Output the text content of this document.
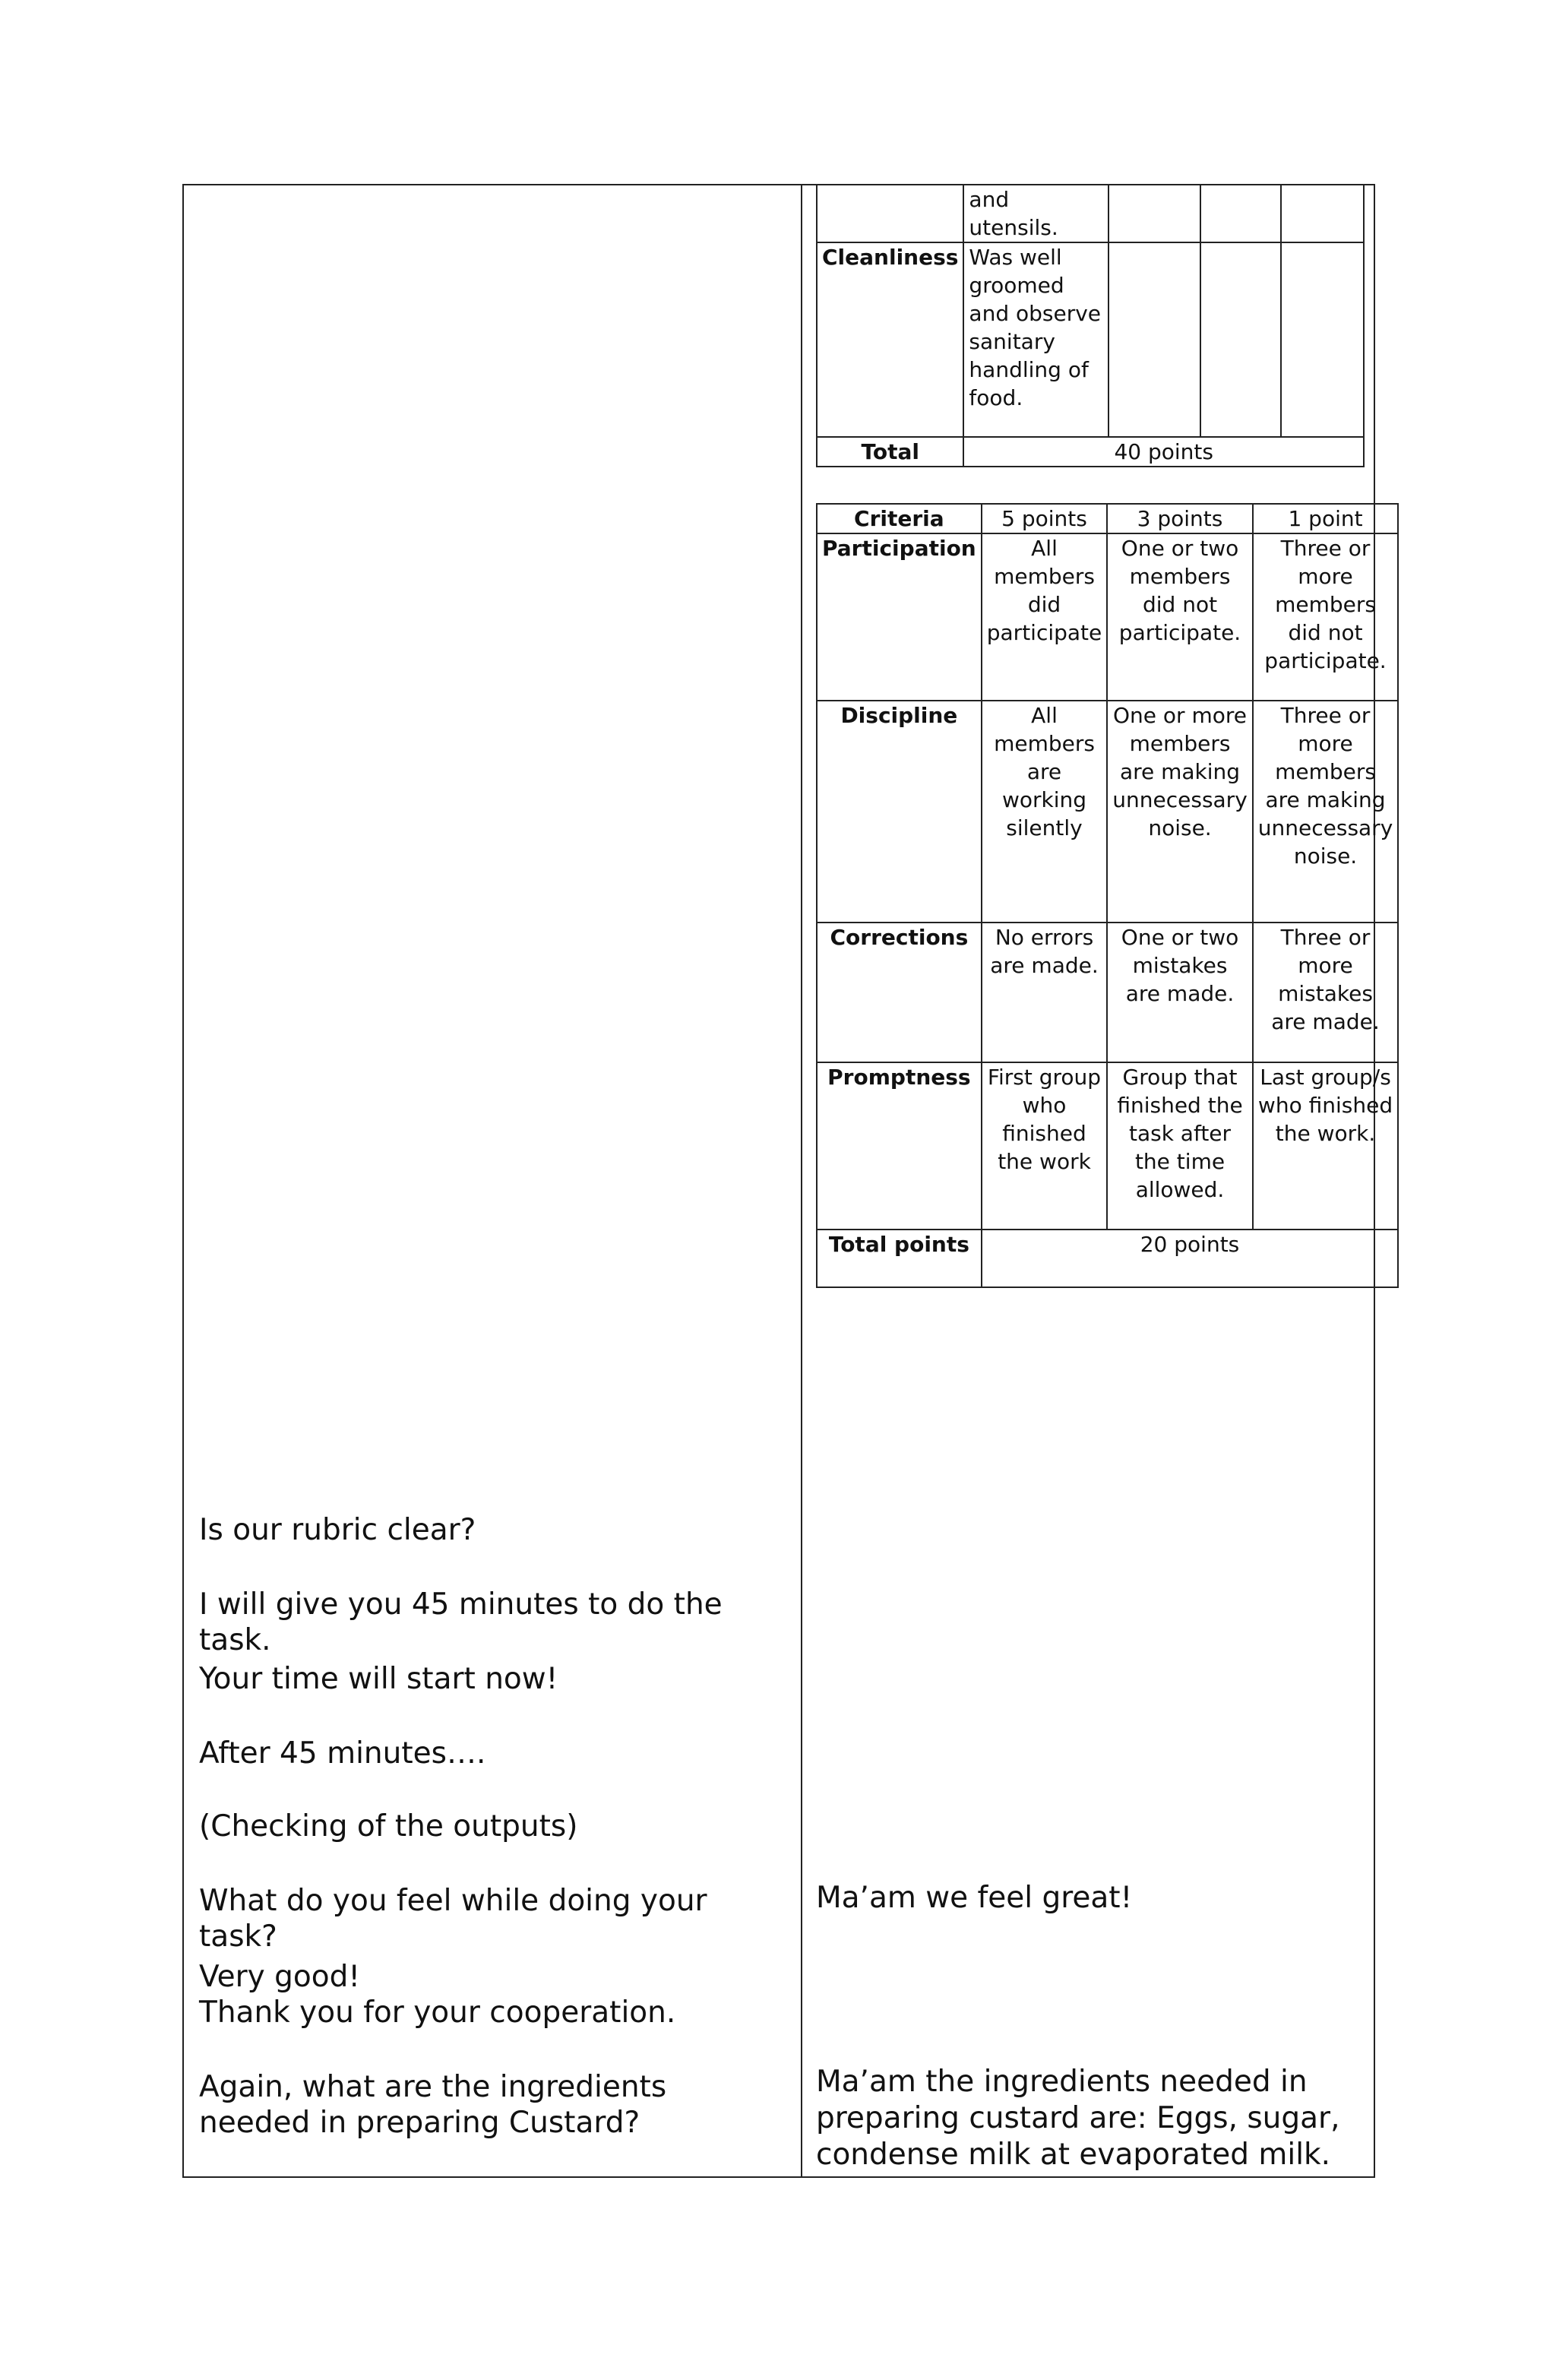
	and utensils.			
Cleanliness	Was well groomed and observe sanitary handling of food.			
Total	40 points			
Criteria	5 points	3 points	1 point
Participation	All members did participate	One or two members did not participate.	Three or more members did not participate.
Discipline	All members are working silently	One or more members are making unnecessary noise.	Three or more members are making unnecessary noise.
Corrections	No errors are made.	One or two mistakes are made.	Three or more mistakes are made.
Promptness	First group who finished the work	Group that finished the task after the time allowed.	Last group/s who finished the work.
Total points	20 points		
Is our rubric clear?
I will give you 45 minutes to do the task.
Your time will start now!
After 45 minutes….
(Checking of the outputs)
What do you feel while doing your task?
Very good!
Thank you for your cooperation.
Again, what are the ingredients needed in preparing Custard?
Ma’am we feel great!
Ma’am the ingredients needed in preparing custard are: Eggs, sugar, condense milk at evaporated milk.
